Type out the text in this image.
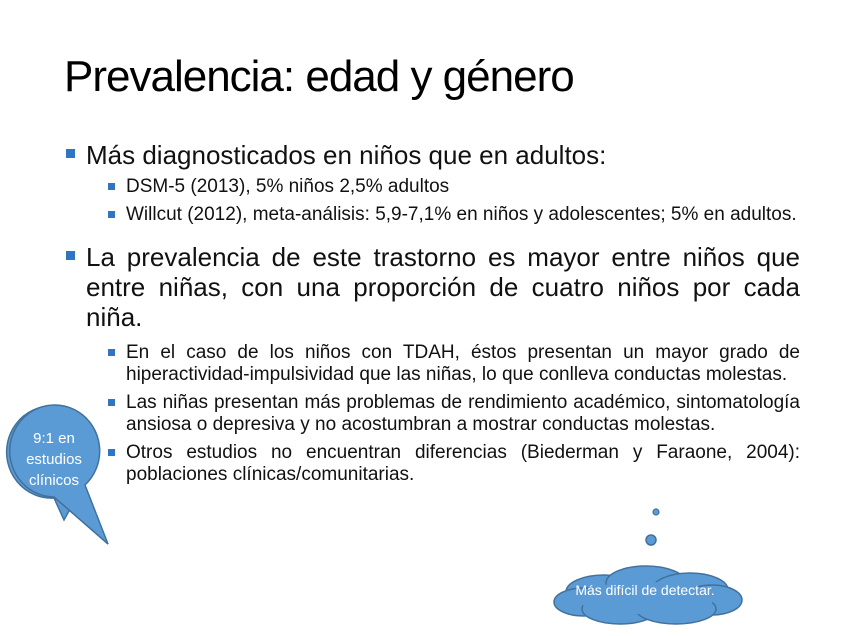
Prevalencia: edad y género
Más diagnosticados en niños que en adultos:
DSM-5 (2013), 5% niños 2,5% adultos
Willcut (2012), meta-análisis: 5,9-7,1% en niños y adolescentes; 5% en adultos.
La prevalencia de este trastorno es mayor entre niños que entre niñas, con una proporción de cuatro niños por cada niña.
En el caso de los niños con TDAH, éstos presentan un mayor grado de hiperactividad-impulsividad que las niñas, lo que conlleva conductas molestas.
Las niñas presentan más problemas de rendimiento académico, sintomatología ansiosa o depresiva y no acostumbran a mostrar conductas molestas.
Otros estudios no encuentran diferencias (Biederman y Faraone, 2004): poblaciones clínicas/comunitarias.
9:1 en estudios clínicos
Más difícil de detectar.
